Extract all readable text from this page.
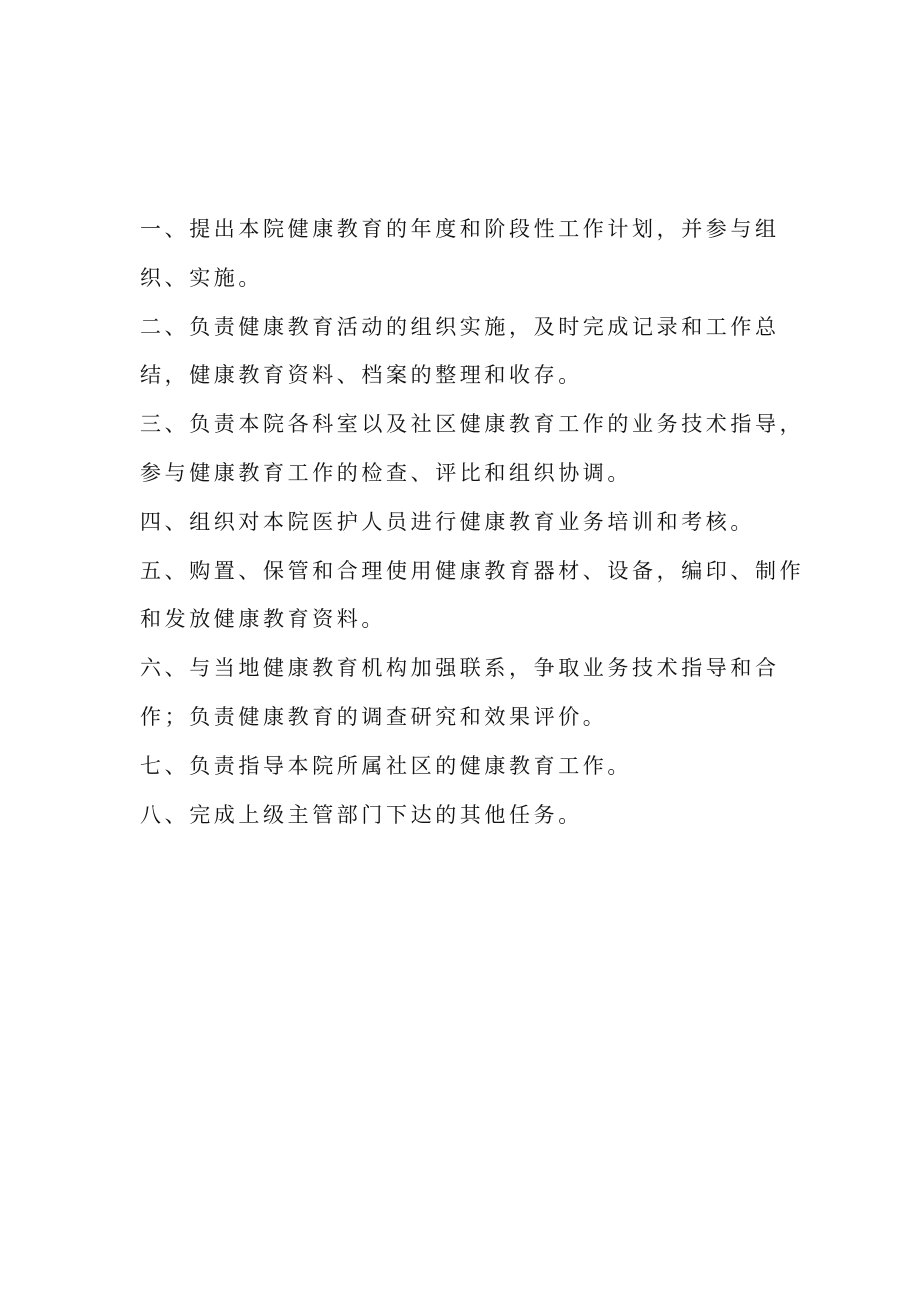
一、提出本院健康教育的年度和阶段性工作计划，并参与组
织、实施。
二、负责健康教育活动的组织实施，及时完成记录和工作总
结，健康教育资料、档案的整理和收存。
三、负责本院各科室以及社区健康教育工作的业务技术指导，
参与健康教育工作的检查、评比和组织协调。
四、组织对本院医护人员进行健康教育业务培训和考核。
五、购置、保管和合理使用健康教育器材、设备，编印、制作
和发放健康教育资料。
六、与当地健康教育机构加强联系，争取业务技术指导和合
作；负责健康教育的调查研究和效果评价。
七、负责指导本院所属社区的健康教育工作。
八、完成上级主管部门下达的其他任务。
